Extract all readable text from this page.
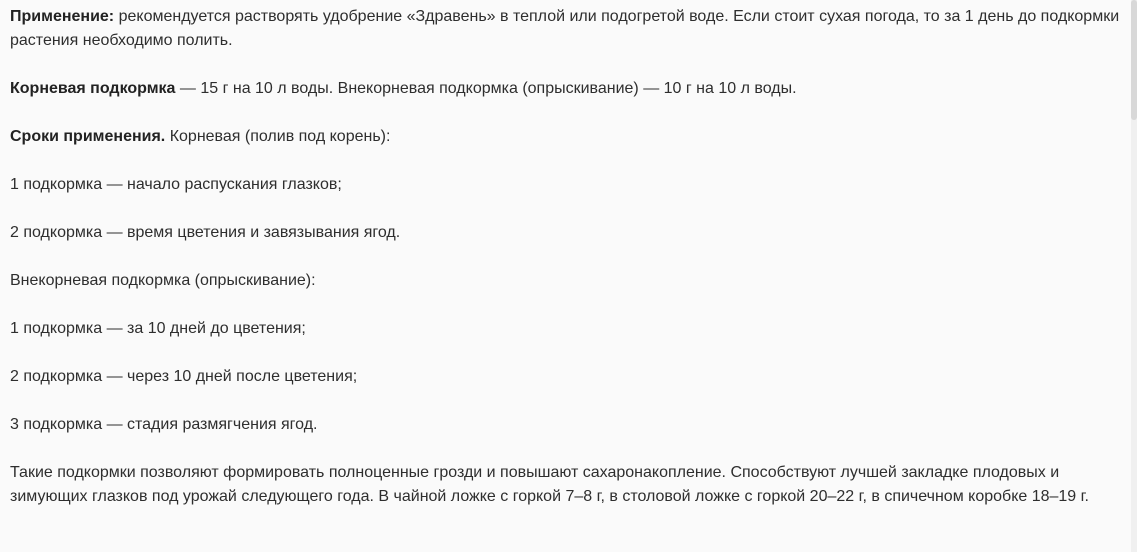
Применение: рекомендуется растворять удобрение «Здравень» в теплой или подогретой воде. Если стоит сухая погода, то за 1 день до подкормки растения необходимо полить.

Корневая подкормка — 15 г на 10 л воды. Внекорневая подкормка (опрыскивание) — 10 г на 10 л воды.

Сроки применения. Корневая (полив под корень):

1 подкормка — начало распускания глазков;

2 подкормка — время цветения и завязывания ягод.

Внекорневая подкормка (опрыскивание):

1 подкормка — за 10 дней до цветения;

2 подкормка — через 10 дней после цветения;

3 подкормка — стадия размягчения ягод.

Такие подкормки позволяют формировать полноценные грозди и повышают сахаронакопление. Способствуют лучшей закладке плодовых и зимующих глазков под урожай следующего года. В чайной ложке с горкой 7–8 г, в столовой ложке с горкой 20–22 г, в спичечном коробке 18–19 г.
